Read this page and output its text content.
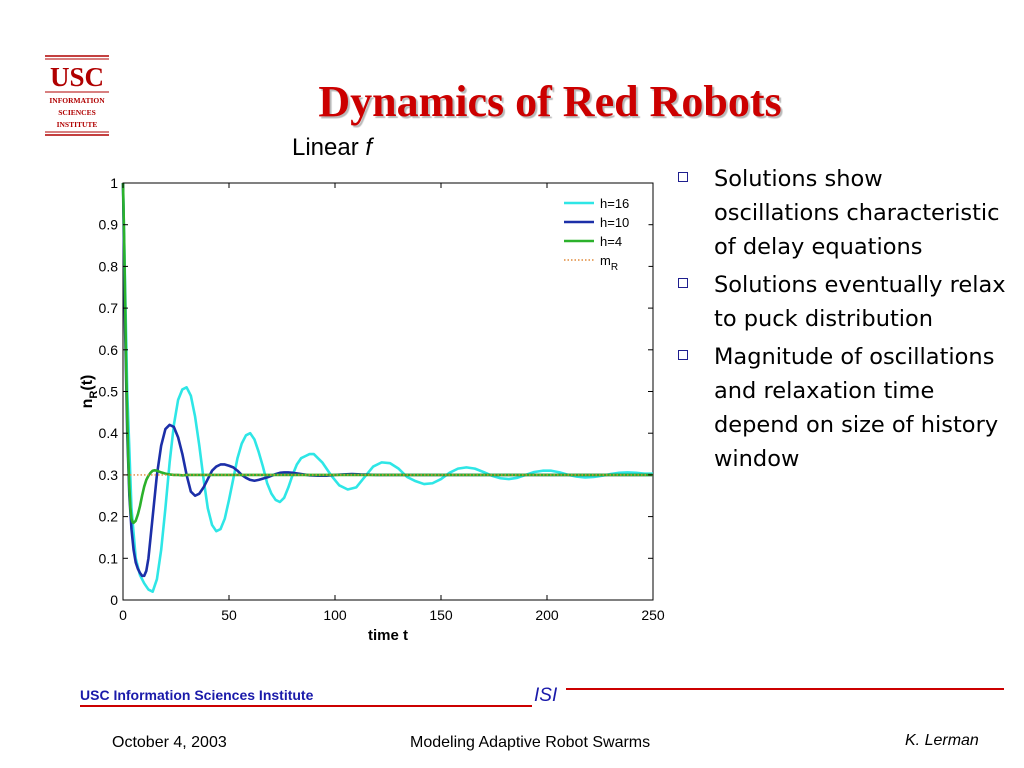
USC
INFORMATION
SCIENCES
INSTITUTE	Dynamics of Red Robots
Linear f
0	50	100	150	200	250
0
0.1
0.2
0.3
0.4
0.5
0.6
0.7
0.8
0.9
1
time t
$n_R(t)$
h=16
h=10
h=4
$m_R$
Solutions show oscillations characteristic of delay equations
Solutions eventually relax to puck distribution
Magnitude of oscillations and relaxation time depend on size of history window
USC Information Sciences Institute	ISI
October 4, 2003	Modeling Adaptive Robot Swarms	K. Lerman
